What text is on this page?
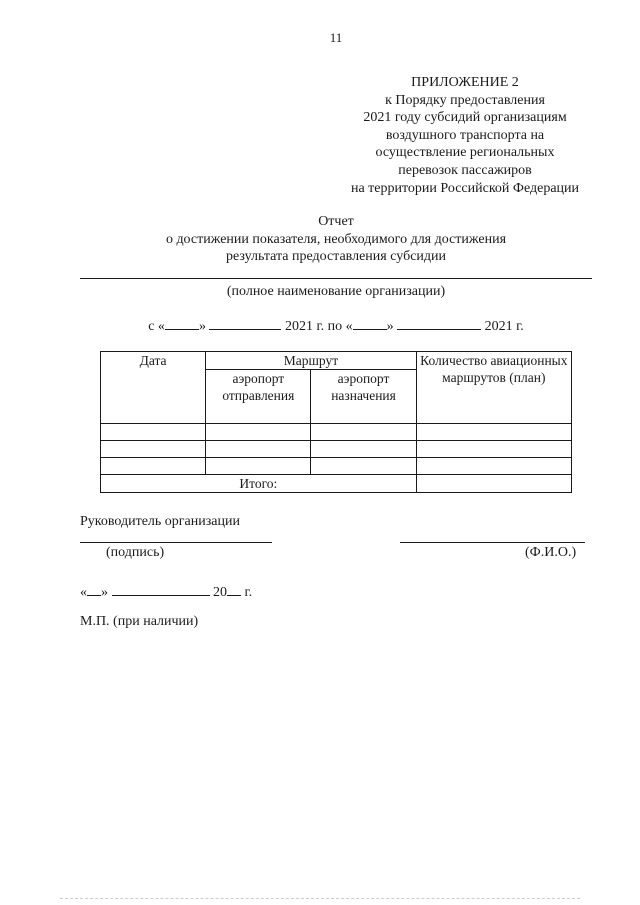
11
ПРИЛОЖЕНИЕ 2
к Порядку предоставления
2021 году субсидий организациям
воздушного транспорта на
осуществление региональных
перевозок пассажиров
на территории Российской Федерации
Отчет
о достижении показателя, необходимого для достижения
результата предоставления субсидии
(полное наименование организации)
с « »	2021 г. по « »	2021 г.
Дата	Маршрут		Количество авиационных маршрутов (план)
	аэропорт отправления	аэропорт назначения	

Итого:			
Руководитель организации
(подпись)	(Ф.И.О.)
« »	20 г.
М.П. (при наличии)
